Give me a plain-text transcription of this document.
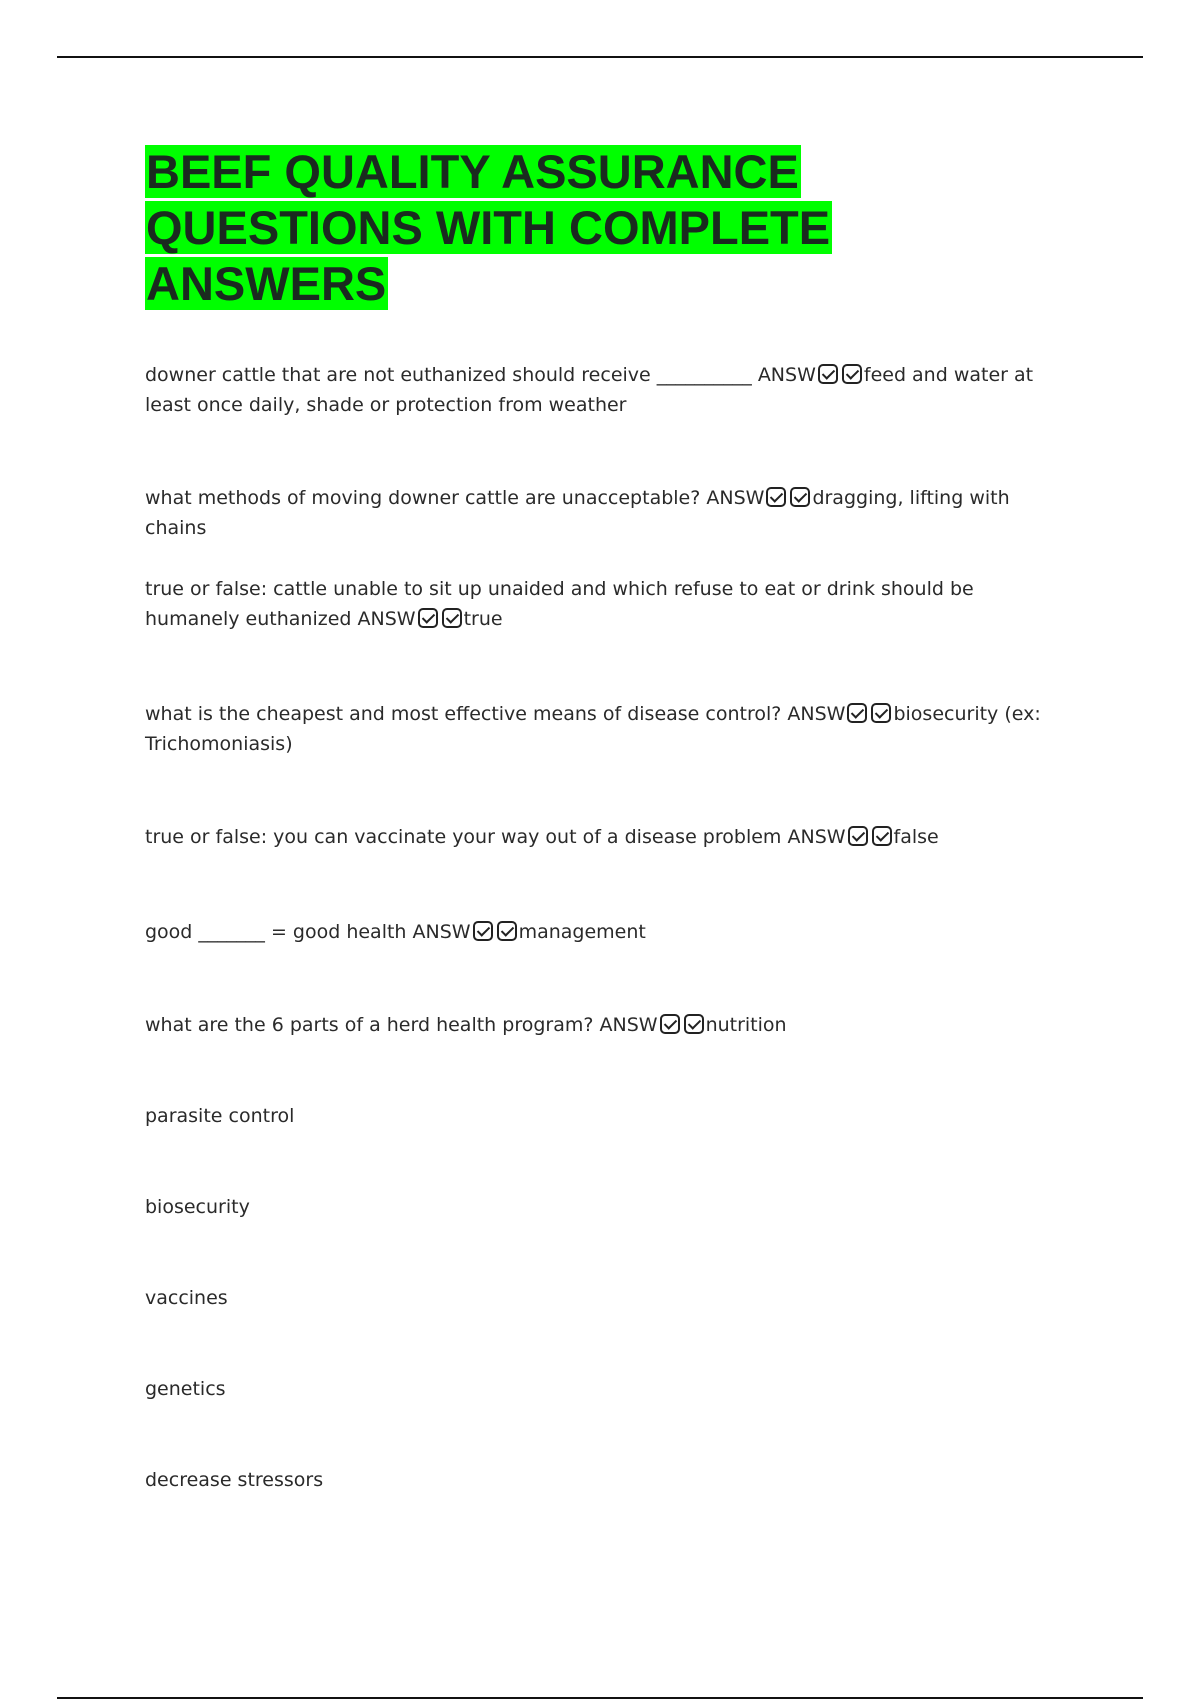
BEEF QUALITY ASSURANCE
QUESTIONS WITH COMPLETE
ANSWERS

downer cattle that are not euthanized should receive __________ ANSW	feed and water at least once daily, shade or protection from weather

what methods of moving downer cattle are unacceptable? ANSW	dragging, lifting with chains

true or false: cattle unable to sit up unaided and which refuse to eat or drink should be humanely euthanized ANSW	true

what is the cheapest and most effective means of disease control? ANSW	biosecurity (ex: Trichomoniasis)

true or false: you can vaccinate your way out of a disease problem ANSW	false

good _______ = good health ANSW	management

what are the 6 parts of a herd health program? ANSW	nutrition

parasite control

biosecurity

vaccines

genetics

decrease stressors
